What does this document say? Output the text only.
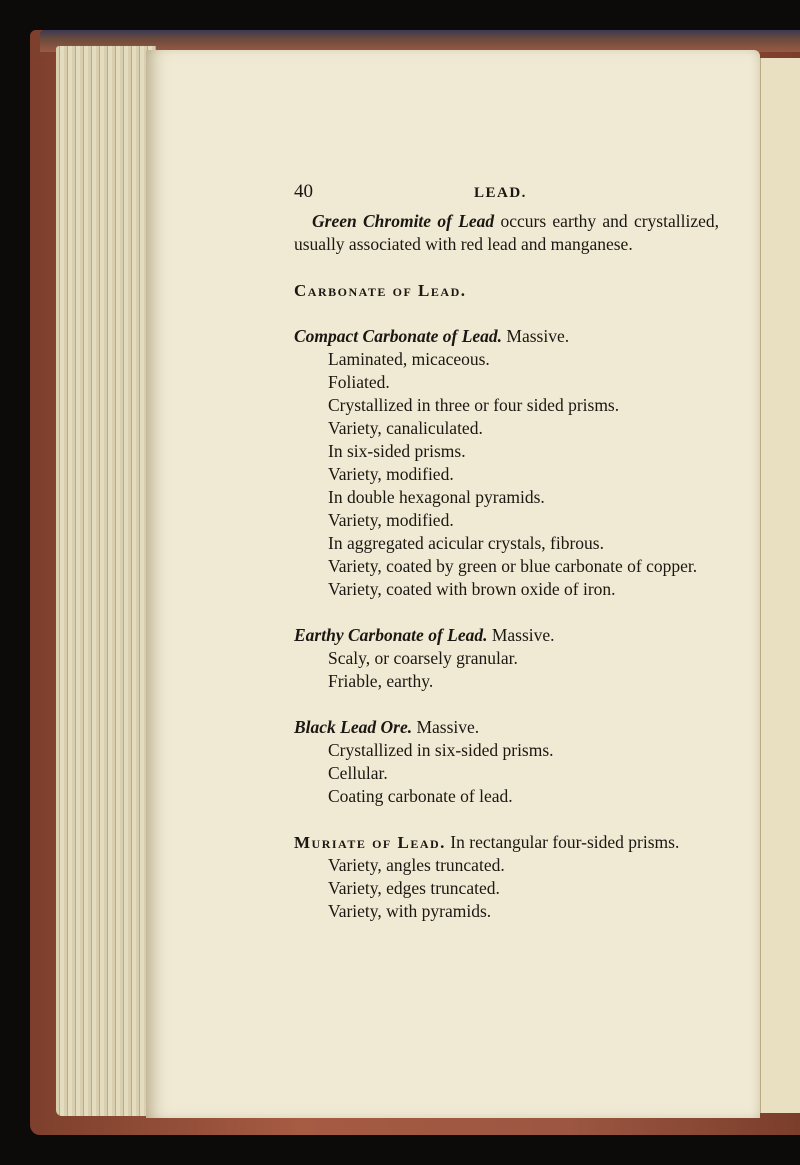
40	LEAD.

Green Chromite of Lead occurs earthy and crystallized, usually associated with red lead and manganese.

Carbonate of Lead.

Compact Carbonate of Lead. Massive.

Laminated, micaceous.

Foliated.

Crystallized in three or four sided prisms.

Variety, canaliculated.

In six-sided prisms.

Variety, modified.

In double hexagonal pyramids.

Variety, modified.

In aggregated acicular crystals, fibrous.

Variety, coated by green or blue carbonate of copper.

Variety, coated with brown oxide of iron.

Earthy Carbonate of Lead. Massive.

Scaly, or coarsely granular.

Friable, earthy.

Black Lead Ore. Massive.

Crystallized in six-sided prisms.

Cellular.

Coating carbonate of lead.

Muriate of Lead. In rectangular four-sided prisms.

Variety, angles truncated.

Variety, edges truncated.

Variety, with pyramids.
